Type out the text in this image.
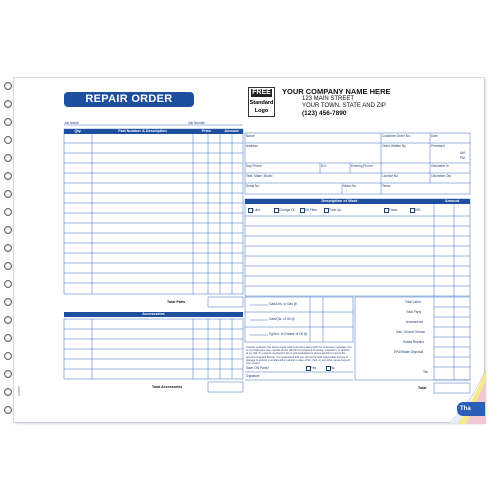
REPAIR ORDER
FREE
Standard
Logo
YOUR COMPANY NAME HERE
123 MAIN STREET
YOUR TOWN, STATE AND ZIP
(123) 456-7890
Job Name	Job Number
Qty.	Part Number & Description	Price	Amount
Total Parts
Accessories
Total Accessories
Name
Address
Day Phone	Ext.	Evening Phone
Year, Make, Model
Serial No.	Motor No.
Customer Order No.	Date
Order Written By	Promised
AM
PM
License No.
Odometer In
Odometer Out
Terms
Description of Work	Amount
Lube	Change Oil	Oil Filter	Tune Up	Trans.	Diff.
Gals/Ltrs. of Gas @
Gals/Qts. of Oil @
Kg/Lbs. of Grease of Oil @
I hereby authorize the above repair work to be done along with the necessary materials. You & my employees may operate above vehicle for purposes of testing, inspection, or delivery at my risk. An express mechanic's lien is acknowledged on above vehicle to secure the amount of repairs thereto. It is understood that you will not be held responsible for loss or damage to vehicle or articles left in vehicle in case of fire, theft, or any other cause beyond your control.
Save Old Parts?	Yes	No
Signature
Total Labor
Total Parts
Accessories
Gas, Oil and Grease
Sublet Repairs
EPA/Waste Disposal
Tax
Total
A/7005
Tha
